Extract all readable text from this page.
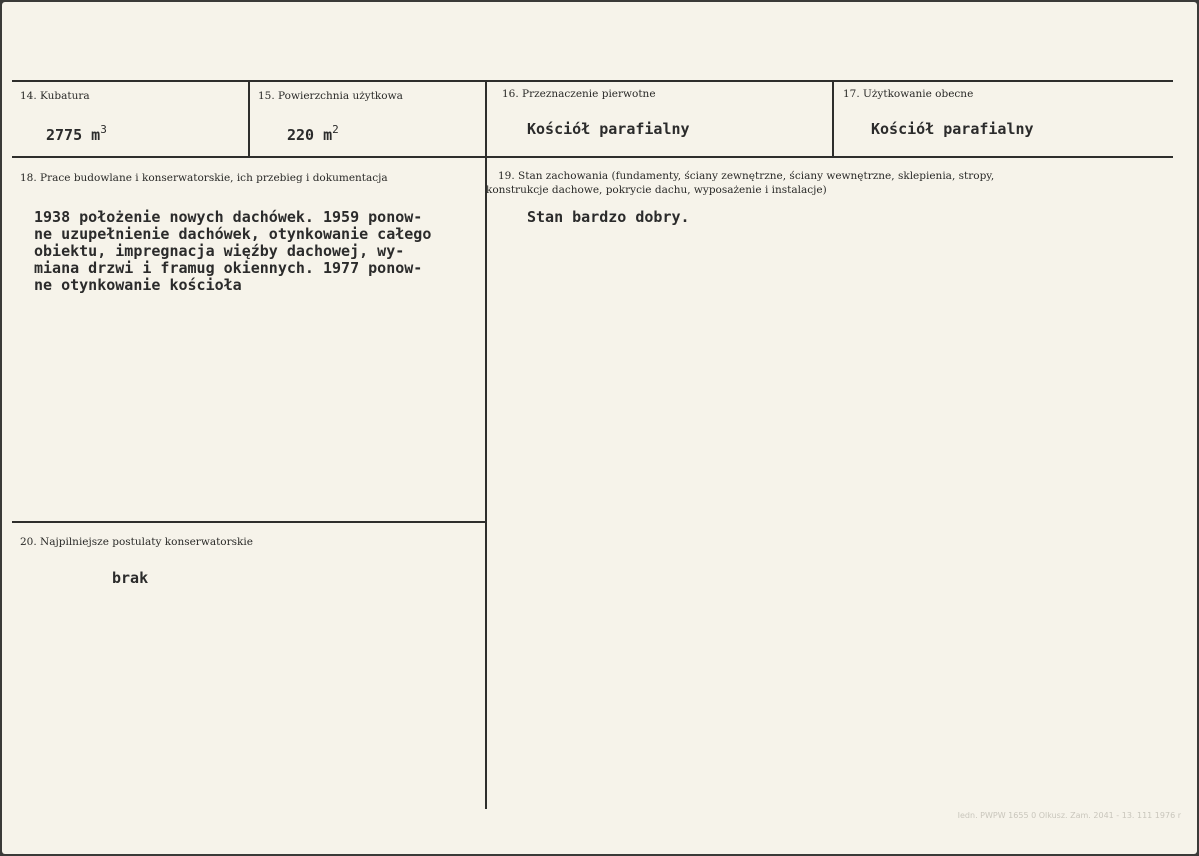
14. Kubatura
2775 $m^3$
15. Powierzchnia użytkowa
220 $m^2$
16. Przeznaczenie pierwotne
Kościół parafialny
17. Użytkowanie obecne
Kościół parafialny
18. Prace budowlane i konserwatorskie, ich przebieg i dokumentacja
1938 położenie nowych dachówek. 1959 ponow-
ne uzupełnienie dachówek, otynkowanie całego
obiektu, impregnacja więźby dachowej, wy-
miana drzwi i framug okiennych. 1977 ponow-
ne otynkowanie kościoła
19. Stan zachowania (fundamenty, ściany zewnętrzne, ściany wewnętrzne, sklepienia, stropy,
konstrukcje dachowe, pokrycie dachu, wyposażenie i instalacje)
Stan bardzo dobry.
20. Najpilniejsze postulaty konserwatorskie
brak
Iedn. PWPW 1655 0 Olkusz. Zam. 2041 - 13. 111 1976 r
